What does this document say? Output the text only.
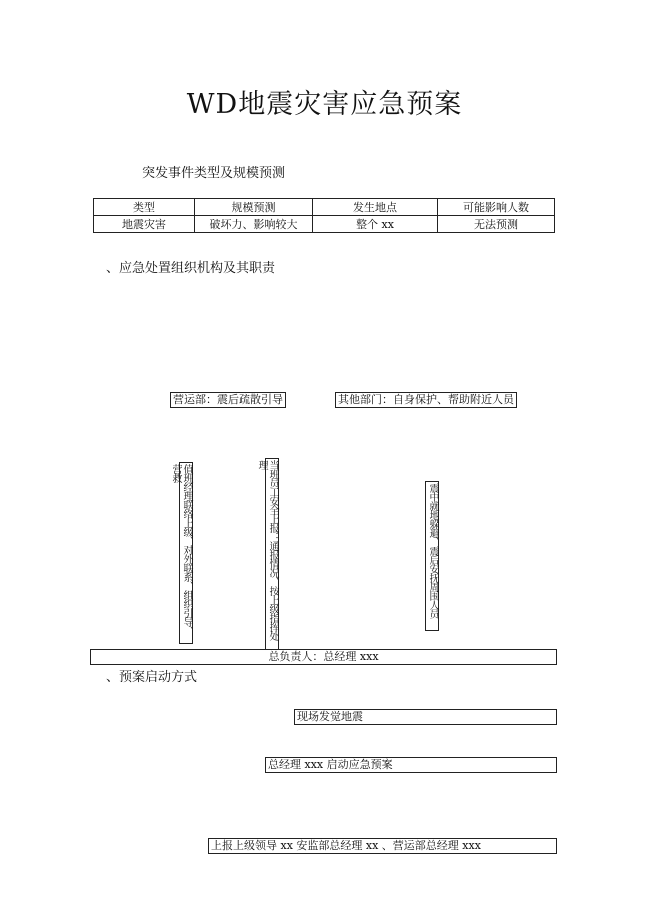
WD地震灾害应急预案
突发事件类型及规模预测
类型	规模预测	发生地点	可能影响人数
地震灾害	破坏力、影响较大	整个 xx	无法预测
、应急处置组织机构及其职责
营运部：震后疏散引导	其他部门：自身保护、帮助附近人员
值班经理联络上级、对外联系、组织引导、营救	当班员工安全上报：通报情况、按上级指挥处理
震中就地躲避、震后安抚周围人员
总负责人：总经理 xxx
、预案启动方式
现场发觉地震
总经理 xxx 启动应急预案
上报上级领导 xx 安监部总经理 xx 、营运部总经理 xxx
